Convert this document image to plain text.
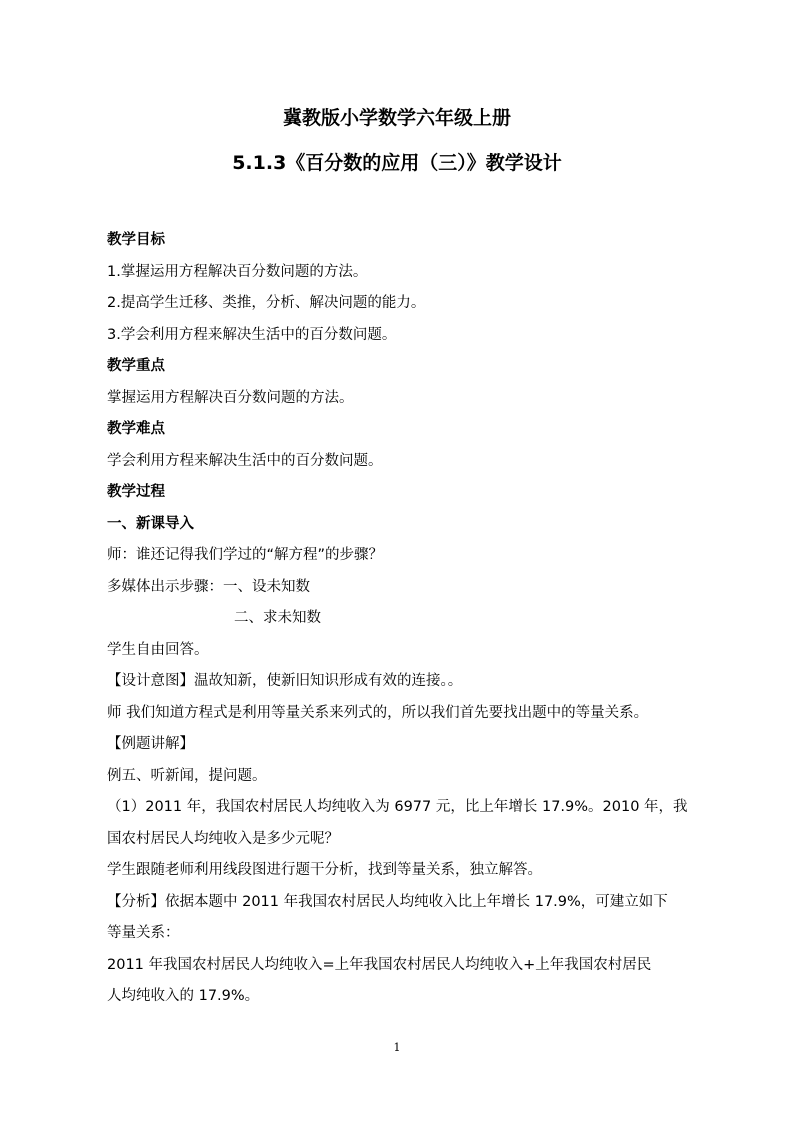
冀教版小学数学六年级上册
5.1.3《百分数的应用（三）》教学设计
教学目标
1.掌握运用方程解决百分数问题的方法。
2.提高学生迁移、类推，分析、解决问题的能力。
3.学会利用方程来解决生活中的百分数问题。
教学重点
掌握运用方程解决百分数问题的方法。
教学难点
学会利用方程来解决生活中的百分数问题。
教学过程
一、新课导入
师：谁还记得我们学过的“解方程”的步骤？
多媒体出示步骤：一、设未知数
二、求未知数
学生自由回答。
【设计意图】温故知新，使新旧知识形成有效的连接。。
师 我们知道方程式是利用等量关系来列式的，所以我们首先要找出题中的等量关系。
【例题讲解】
例五、听新闻，提问题。
（1）2011 年，我国农村居民人均纯收入为 6977 元，比上年增长 17.9%。2010 年，我
国农村居民人均纯收入是多少元呢？
学生跟随老师利用线段图进行题干分析，找到等量关系，独立解答。
【分析】依据本题中 2011 年我国农村居民人均纯收入比上年增长 17.9%，可建立如下
等量关系：
2011 年我国农村居民人均纯收入=上年我国农村居民人均纯收入+上年我国农村居民
人均纯收入的 17.9%。
1
